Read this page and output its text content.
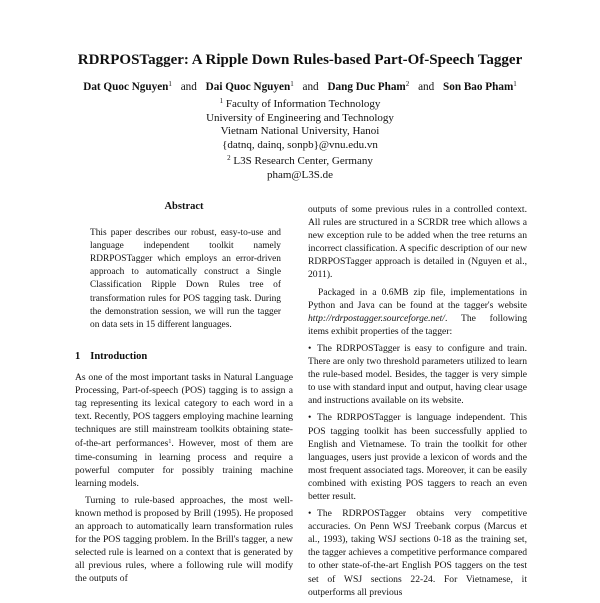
RDRPOSTagger: A Ripple Down Rules-based Part-Of-Speech Tagger
Dat Quoc Nguyen$^1$ and Dai Quoc Nguyen$^1$ and Dang Duc Pham$^2$ and Son Bao Pham$^1$
$^1$ Faculty of Information Technology
University of Engineering and Technology
Vietnam National University, Hanoi
{datnq, dainq, sonpb}@vnu.edu.vn
$^2$ L3S Research Center, Germany
pham@L3S.de
Abstract
This paper describes our robust, easy-to-use and language independent toolkit namely RDRPOSTagger which employs an error-driven approach to automatically construct a Single Classification Ripple Down Rules tree of transformation rules for POS tagging task. During the demonstration session, we will run the tagger on data sets in 15 different languages.
1 Introduction
As one of the most important tasks in Natural Language Processing, Part-of-speech (POS) tagging is to assign a tag representing its lexical category to each word in a text. Recently, POS taggers employing machine learning techniques are still mainstream toolkits obtaining state-of-the-art performances$^1$. However, most of them are time-consuming in learning process and require a powerful computer for possibly training machine learning models.
Turning to rule-based approaches, the most well-known method is proposed by Brill (1995). He proposed an approach to automatically learn transformation rules for the POS tagging problem. In the Brill's tagger, a new selected rule is learned on a context that is generated by all previous rules, where a following rule will modify the outputs of
outputs of some previous rules in a controlled context. All rules are structured in a SCRDR tree which allows a new exception rule to be added when the tree returns an incorrect classification. A specific description of our new RDRPOSTagger approach is detailed in (Nguyen et al., 2011).
Packaged in a 0.6MB zip file, implementations in Python and Java can be found at the tagger's website http://rdrpostagger.sourceforge.net/. The following items exhibit properties of the tagger:
• The RDRPOSTagger is easy to configure and train. There are only two threshold parameters utilized to learn the rule-based model. Besides, the tagger is very simple to use with standard input and output, having clear usage and instructions available on its website.
• The RDRPOSTagger is language independent. This POS tagging toolkit has been successfully applied to English and Vietnamese. To train the toolkit for other languages, users just provide a lexicon of words and the most frequent associated tags. Moreover, it can be easily combined with existing POS taggers to reach an even better result.
• The RDRPOSTagger obtains very competitive accuracies. On Penn WSJ Treebank corpus (Marcus et al., 1993), taking WSJ sections 0-18 as the training set, the tagger achieves a competitive performance compared to other state-of-the-art English POS taggers on the test set of WSJ sections 22-24. For Vietnamese, it outperforms all previous
